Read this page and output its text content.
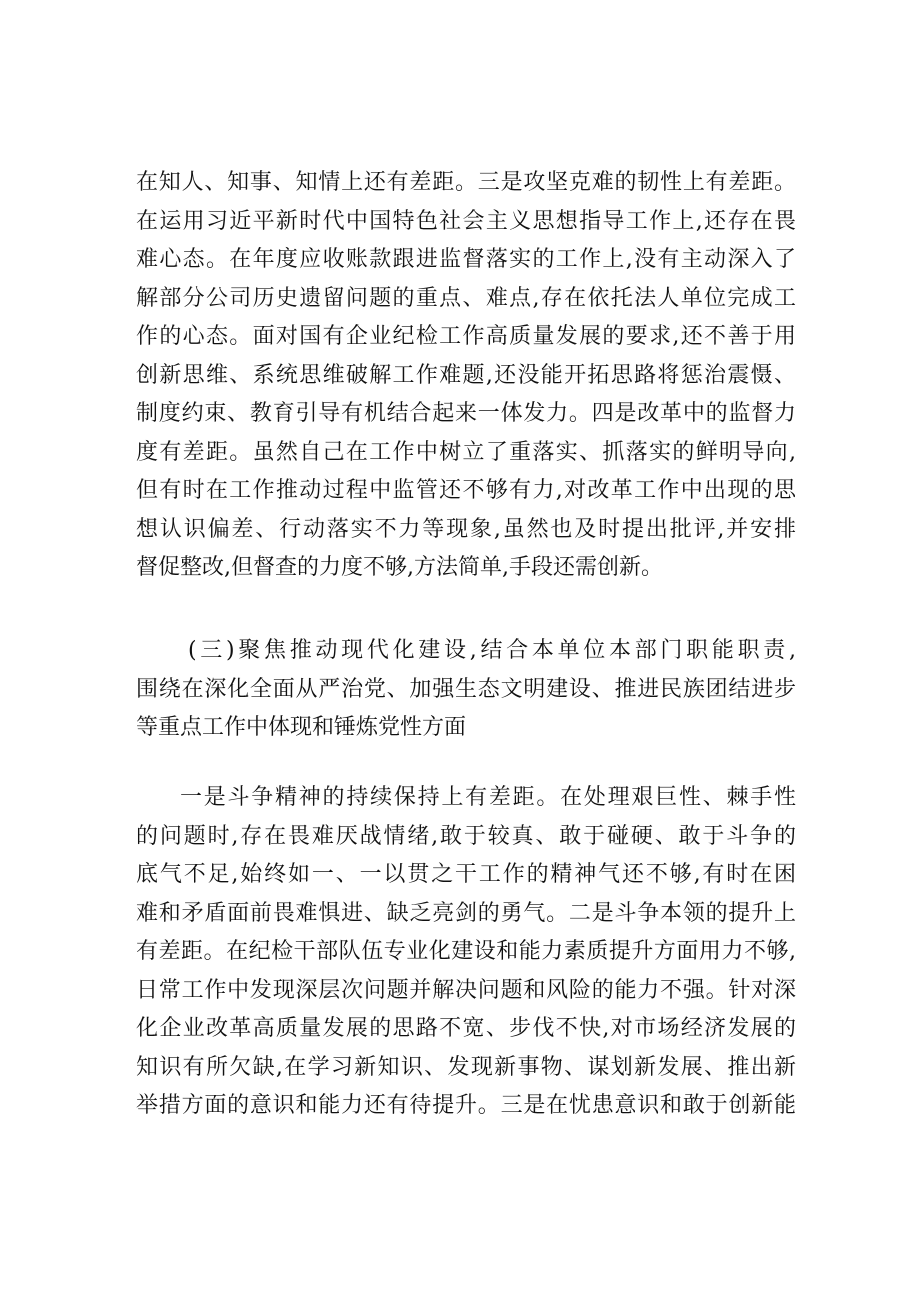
在知人、知事、知情上还有差距。三是攻坚克难的韧性上有差距。
在运用习近平新时代中国特色社会主义思想指导工作上,还存在畏
难心态。在年度应收账款跟进监督落实的工作上,没有主动深入了
解部分公司历史遗留问题的重点、难点,存在依托法人单位完成工
作的心态。面对国有企业纪检工作高质量发展的要求,还不善于用
创新思维、系统思维破解工作难题,还没能开拓思路将惩治震慑、
制度约束、教育引导有机结合起来一体发力。四是改革中的监督力
度有差距。虽然自己在工作中树立了重落实、抓落实的鲜明导向,
但有时在工作推动过程中监管还不够有力,对改革工作中出现的思
想认识偏差、行动落实不力等现象,虽然也及时提出批评,并安排
督促整改,但督查的力度不够,方法简单,手段还需创新。
(三)聚焦推动现代化建设,结合本单位本部门职能职责,
围绕在深化全面从严治党、加强生态文明建设、推进民族团结进步
等重点工作中体现和锤炼党性方面
一是斗争精神的持续保持上有差距。在处理艰巨性、棘手性
的问题时,存在畏难厌战情绪,敢于较真、敢于碰硬、敢于斗争的
底气不足,始终如一、一以贯之干工作的精神气还不够,有时在困
难和矛盾面前畏难惧进、缺乏亮剑的勇气。二是斗争本领的提升上
有差距。在纪检干部队伍专业化建设和能力素质提升方面用力不够,
日常工作中发现深层次问题并解决问题和风险的能力不强。针对深
化企业改革高质量发展的思路不宽、步伐不快,对市场经济发展的
知识有所欠缺,在学习新知识、发现新事物、谋划新发展、推出新
举措方面的意识和能力还有待提升。三是在忧患意识和敢于创新能
